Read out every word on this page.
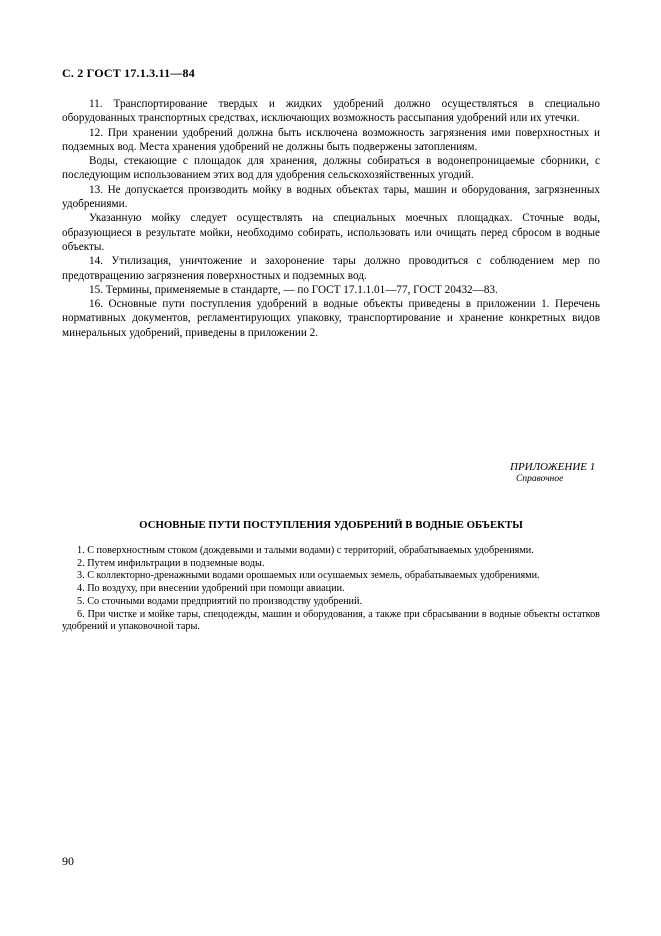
С. 2 ГОСТ 17.1.3.11—84

11. Транспортирование твердых и жидких удобрений должно осуществляться в специально оборудованных транспортных средствах, исключающих возможность рассыпания удобрений или их утечки.

12. При хранении удобрений должна быть исключена возможность загрязнения ими поверхностных и подземных вод. Места хранения удобрений не должны быть подвержены затоплениям.

Воды, стекающие с площадок для хранения, должны собираться в водонепроницаемые сборники, с последующим использованием этих вод для удобрения сельскохозяйственных угодий.

13. Не допускается производить мойку в водных объектах тары, машин и оборудования, загрязненных удобрениями.

Указанную мойку следует осуществлять на специальных моечных площадках. Сточные воды, образующиеся в результате мойки, необходимо собирать, использовать или очищать перед сбросом в водные объекты.

14. Утилизация, уничтожение и захоронение тары должно проводиться с соблюдением мер по предотвращению загрязнения поверхностных и подземных вод.

15. Термины, применяемые в стандарте, — по ГОСТ 17.1.1.01—77, ГОСТ 20432—83.

16. Основные пути поступления удобрений в водные объекты приведены в приложении 1. Перечень нормативных документов, регламентирующих упаковку, транспортирование и хранение конкретных видов минеральных удобрений, приведены в приложении 2.

ПРИЛОЖЕНИЕ 1
Справочное
ОСНОВНЫЕ ПУТИ ПОСТУПЛЕНИЯ УДОБРЕНИЙ В ВОДНЫЕ ОБЪЕКТЫ

1. С поверхностным стоком (дождевыми и талыми водами) с территорий, обрабатываемых удобрениями.

2. Путем инфильтрации в подземные воды.

3. С коллекторно-дренажными водами орошаемых или осушаемых земель, обрабатываемых удобрениями.

4. По воздуху, при внесении удобрений при помощи авиации.

5. Со сточными водами предприятий по производству удобрений.

6. При чистке и мойке тары, спецодежды, машин и оборудования, а также при сбрасывании в водные объекты остатков удобрений и упаковочной тары.

90
